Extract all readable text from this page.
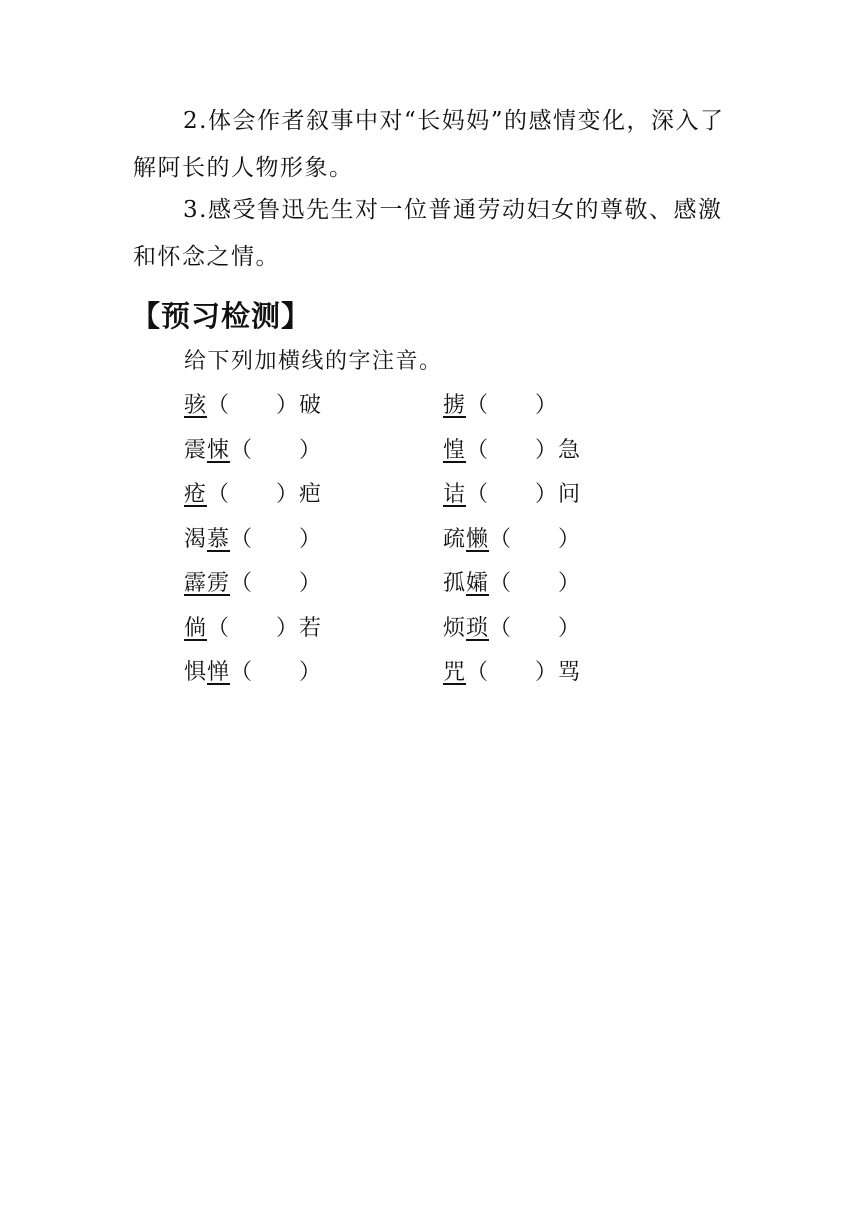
2.体会作者叙事中对“长妈妈”的感情变化，深入了解阿长的人物形象。

3.感受鲁迅先生对一位普通劳动妇女的尊敬、感激和怀念之情。

【预习检测】

给下列加横线的字注音。

骇（　　）破	掳（　　）
震悚（　　）	惶（　　）急
疮（　　）疤	诘（　　）问
渴慕（　　）	疏懒（　　）
霹雳（　　）	孤孀（　　）
倘（　　）若	烦琐（　　）
惧惮（　　）	咒（　　）骂
